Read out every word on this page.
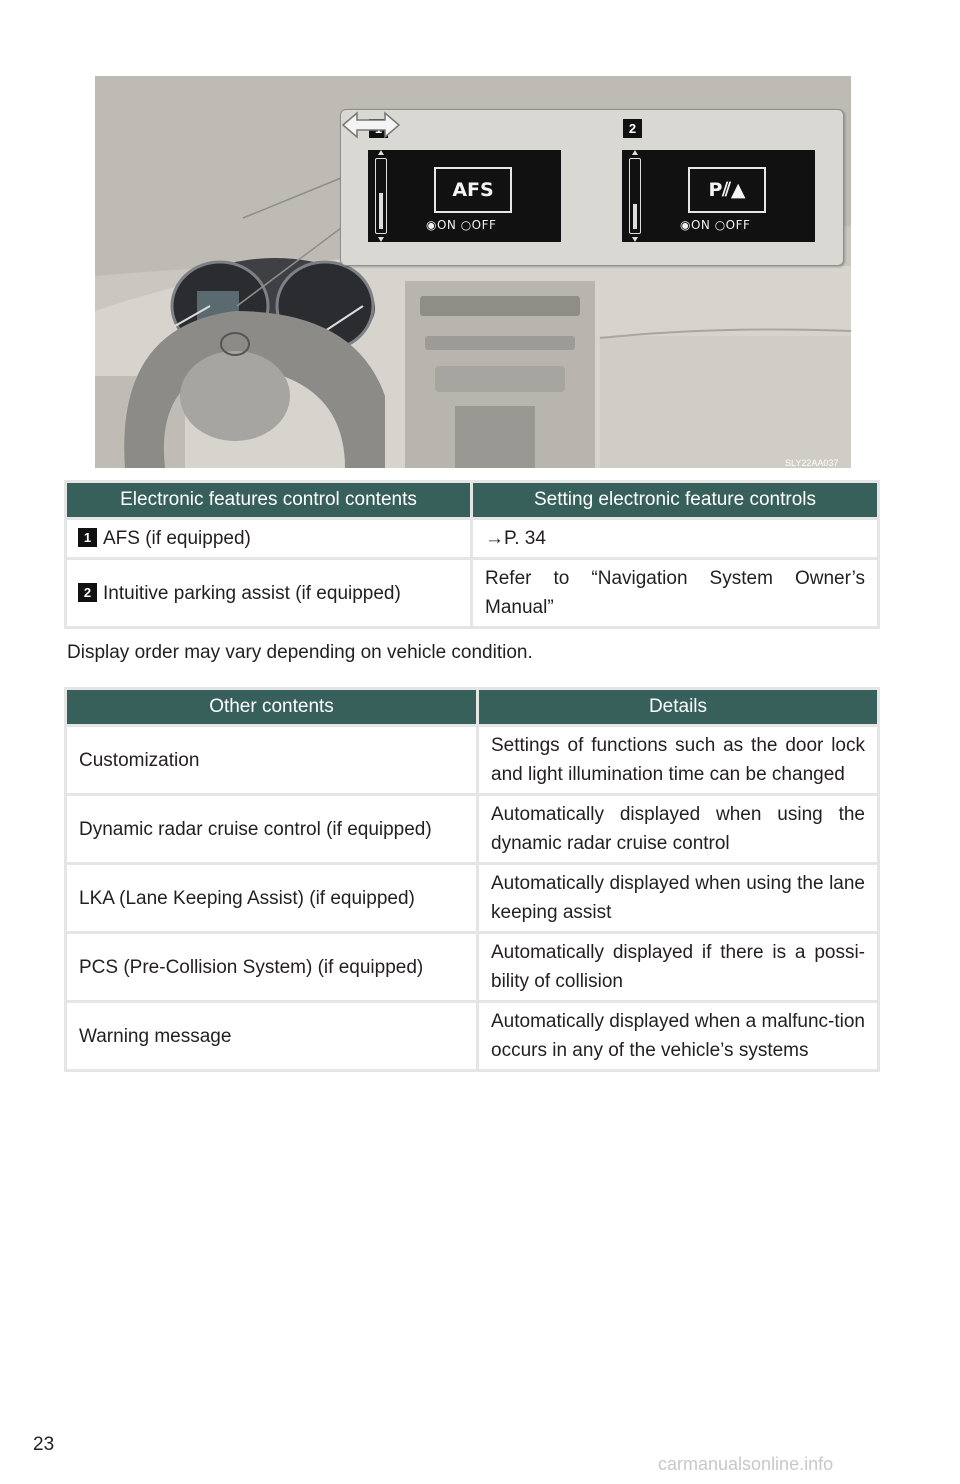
2
AFS
◉ON ○OFF
P⫽▲
◉ON ○OFF
SLY22AA037
Electronic features control contents	Setting electronic feature controls
1 AFS (if equipped)	→P. 34
2 Intuitive parking assist (if equipped)	Refer to “Navigation System Owner’s Manual”
Display order may vary depending on vehicle condition.
Other contents	Details
Customization	Settings of functions such as the door lock and light illumination time can be changed
Dynamic radar cruise control (if equipped)	Automatically displayed when using the dynamic radar cruise control
LKA (Lane Keeping Assist) (if equipped)	Automatically displayed when using the lane keeping assist
PCS (Pre-Collision System) (if equipped)	Automatically displayed if there is a possi-bility of collision
Warning message	Automatically displayed when a malfunc-tion occurs in any of the vehicle’s systems
23
carmanualsonline.info
